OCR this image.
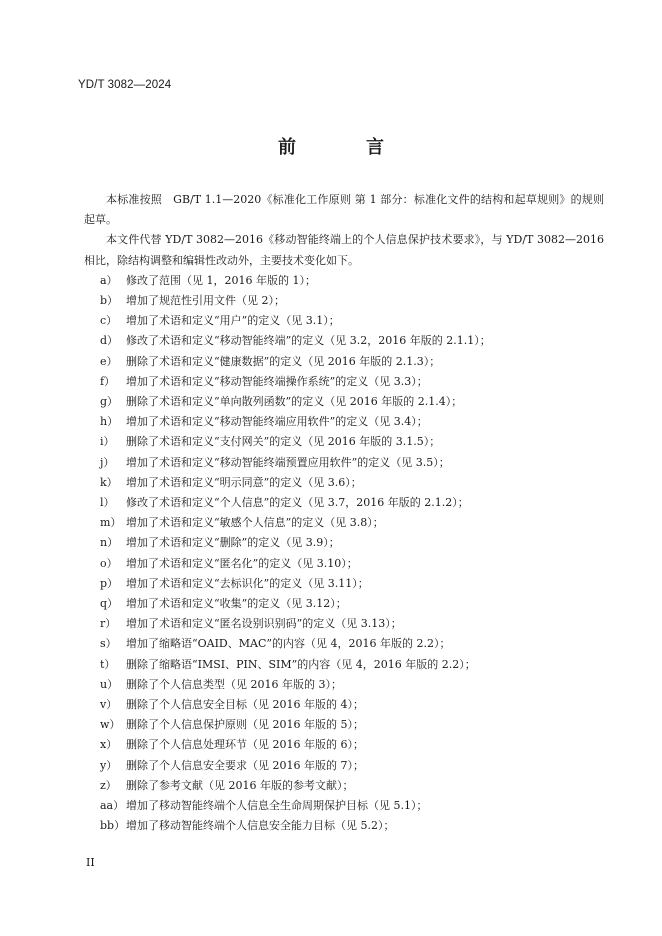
YD/T 3082—2024
前　言

本标准按照　GB/T 1.1—2020《标准化工作原则 第 1 部分：标准化文件的结构和起草规则》的规则起草。

本文件代替 YD/T 3082—2016《移动智能终端上的个人信息保护技术要求》，与 YD/T 3082—2016相比，除结构调整和编辑性改动外，主要技术变化如下。

a） 修改了范围（见 1，2016 年版的 1）；
b） 增加了规范性引用文件（见 2）；
c） 增加了术语和定义“用户”的定义（见 3.1）；
d） 修改了术语和定义“移动智能终端”的定义（见 3.2，2016 年版的 2.1.1）；
e） 删除了术语和定义“健康数据”的定义（见 2016 年版的 2.1.3）；
f） 增加了术语和定义“移动智能终端操作系统”的定义（见 3.3）；
g） 删除了术语和定义“单向散列函数”的定义（见 2016 年版的 2.1.4）；
h） 增加了术语和定义“移动智能终端应用软件”的定义（见 3.4）；
i）	删除了术语和定义“支付网关”的定义（见 2016 年版的 3.1.5）；
j）	增加了术语和定义“移动智能终端预置应用软件”的定义（见 3.5）；
k） 增加了术语和定义“明示同意”的定义（见 3.6）；
l）	修改了术语和定义“个人信息”的定义（见 3.7，2016 年版的 2.1.2）；
m） 增加了术语和定义“敏感个人信息”的定义（见 3.8）；
n） 增加了术语和定义“删除”的定义（见 3.9）；
o） 增加了术语和定义“匿名化”的定义（见 3.10）；
p） 增加了术语和定义“去标识化”的定义（见 3.11）；
q） 增加了术语和定义“收集”的定义（见 3.12）；
r） 增加了术语和定义“匿名设别识别码”的定义（见 3.13）；
s） 增加了缩略语“OAID、MAC”的内容（见 4，2016 年版的 2.2）；
t） 删除了缩略语“IMSI、PIN、SIM”的内容（见 4，2016 年版的 2.2）；
u） 删除了个人信息类型（见 2016 年版的 3）；
v） 删除了个人信息安全目标（见 2016 年版的 4）；
w） 删除了个人信息保护原则（见 2016 年版的 5）；
x） 删除了个人信息处理环节（见 2016 年版的 6）；
y） 删除了个人信息安全要求（见 2016 年版的 7）；
z） 删除了参考文献（见 2016 年版的参考文献）；
aa） 增加了移动智能终端个人信息全生命周期保护目标（见 5.1）；
bb） 增加了移动智能终端个人信息安全能力目标（见 5.2）；
II
